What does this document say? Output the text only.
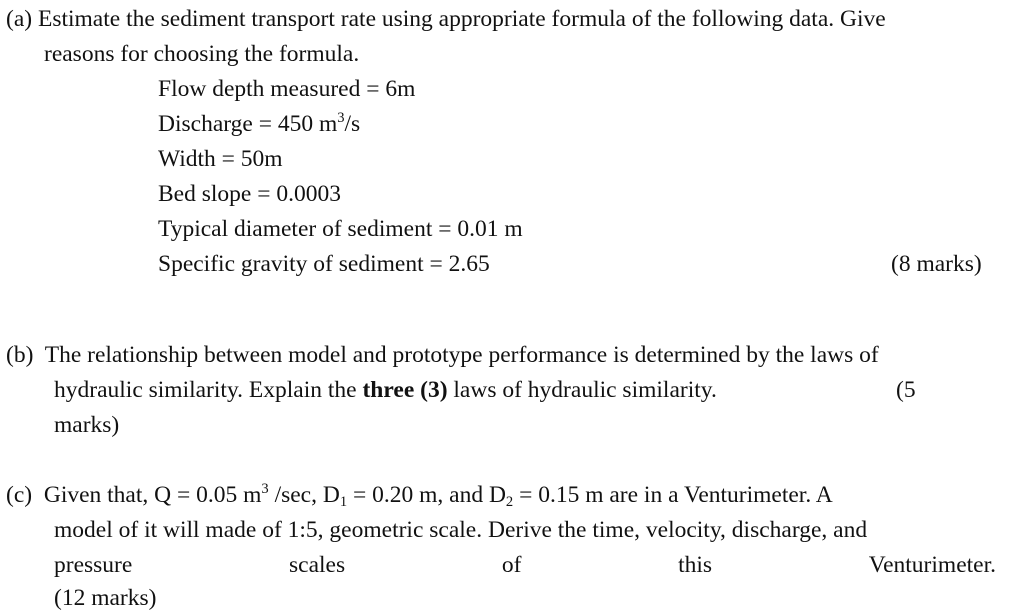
(a) Estimate the sediment transport rate using appropriate formula of the following data. Give
reasons for choosing the formula.
Flow depth measured = 6m
Discharge = 450 $m^3/s$
Width = 50m
Bed slope = 0.0003
Typical diameter of sediment = 0.01 m
Specific gravity of sediment = 2.65	(8 marks)
(b) The relationship between model and prototype performance is determined by the laws of
hydraulic similarity. Explain the three (3) laws of hydraulic similarity.	(5
marks)
(c) Given that, Q = 0.05 $m^3$ /sec, $D_1 = 0.20$ m, and $D_2 = 0.15$ m are in a Venturimeter. A
model of it will made of 1:5, geometric scale. Derive the time, velocity, discharge, and
pressure	scales	of	this	Venturimeter.
(12 marks)
